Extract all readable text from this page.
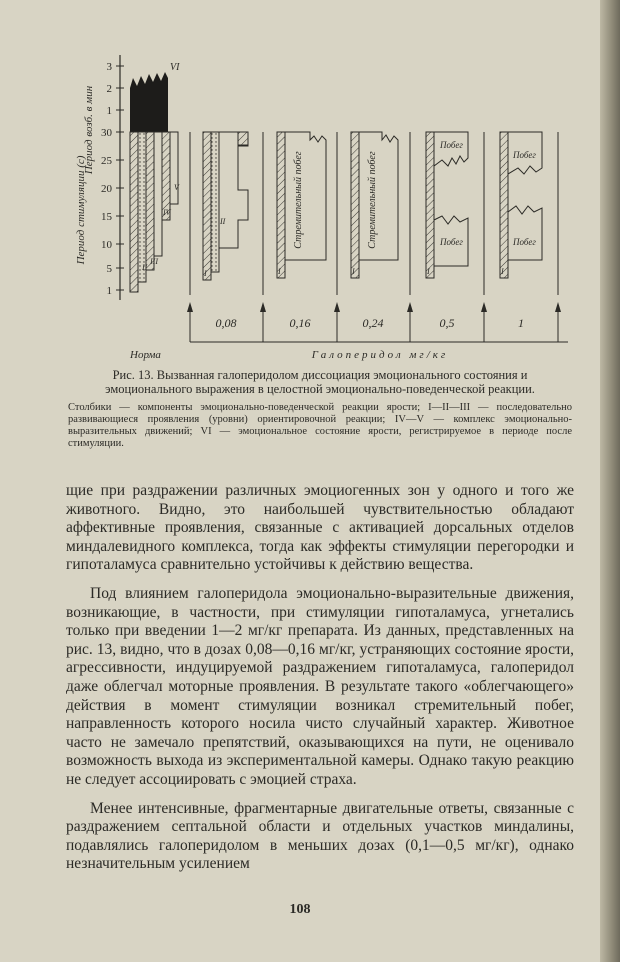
Период возб. в мин
Период стимуляции (с)
3
2
1
30
25
20
15
10
5
1
VI
V
IV
III
II
II
I
Стремительный побег
I
Стремительный побег
I
Побег
Побег
I
Побег
Побег
I
0,08	0,16	0,24	0,5	1
Норма	Галоперидол мг/кг

Рис. 13. Вызванная галоперидолом диссоциация эмоционального состояния и эмоционального выражения в целостной эмоционально-поведенческой реакции.

Столбики — компоненты эмоционально-поведенческой реакции ярости; I—II—III — последовательно развивающиеся проявления (уровни) ориентировочной реакции; IV—V — комплекс эмоционально-выразительных движений; VI — эмоциональное состояние ярости, регистрируемое в периоде после стимуляции.

щие при раздражении различных эмоциогенных зон у одного и того же животного. Видно, это наибольшей чувствительностью обладают аффективные проявления, связанные с активацией дорсальных отделов миндалевидного комплекса, тогда как эффекты стимуляции перегородки и гипоталамуса сравнительно устойчивы к действию вещества.

Под влиянием галоперидола эмоционально-выразительные движения, возникающие, в частности, при стимуляции гипоталамуса, угнетались только при введении 1—2 мг/кг препарата. Из данных, представленных на рис. 13, видно, что в дозах 0,08—0,16 мг/кг, устраняющих состояние ярости, агрессивности, индуцируемой раздражением гипоталамуса, галоперидол даже облегчал моторные проявления. В результате такого «облегчающего» действия в момент стимуляции возникал стремительный побег, направленность которого носила чисто случайный характер. Животное часто не замечало препятствий, оказывающихся на пути, не оценивало возможность выхода из экспериментальной камеры. Однако такую реакцию не следует ассоциировать с эмоцией страха.

Менее интенсивные, фрагментарные двигательные ответы, связанные с раздражением септальной области и отдельных участков миндалины, подавлялись галоперидолом в меньших дозах (0,1—0,5 мг/кг), однако незначительным усилением

108
